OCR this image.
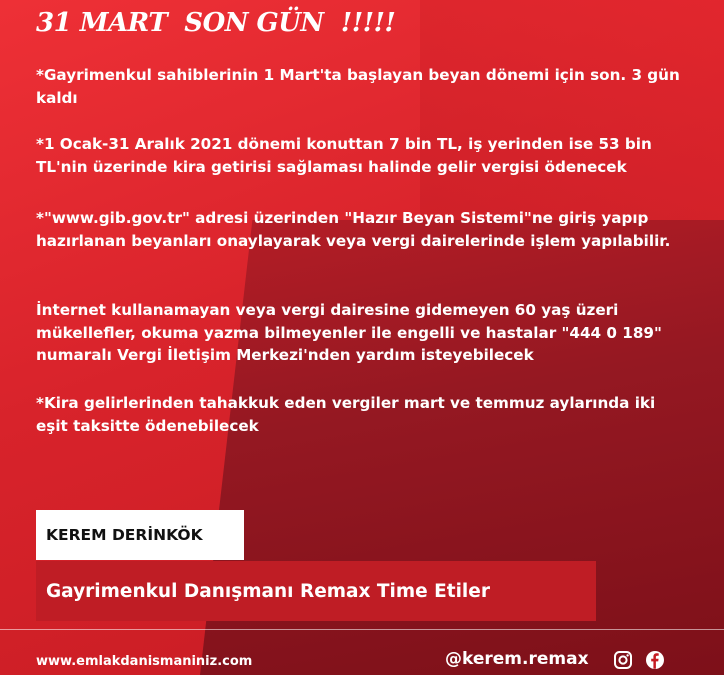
31 MART  SON GÜN  !!!!!
*Gayrimenkul sahiblerinin 1 Mart'ta başlayan beyan dönemi için son. 3 gün kaldı
*1 Ocak-31 Aralık 2021 dönemi konuttan 7 bin TL, iş yerinden ise 53 bin TL'nin üzerinde kira getirisi sağlaması halinde gelir vergisi ödenecek
*"www.gib.gov.tr" adresi üzerinden "Hazır Beyan Sistemi"ne giriş yapıp hazırlanan beyanları onaylayarak veya vergi dairelerinde işlem yapılabilir.
İnternet kullanamayan veya vergi dairesine gidemeyen 60 yaş üzeri mükellefler, okuma yazma bilmeyenler ile engelli ve hastalar "444 0 189" numaralı Vergi İletişim Merkezi'nden yardım isteyebilecek
*Kira gelirlerinden tahakkuk eden vergiler mart ve temmuz aylarında iki eşit taksitte ödenebilecek
KEREM DERİNKÖK
Gayrimenkul Danışmanı Remax Time Etiler
www.emlakdanismaniniz.com	@kerem.remax
